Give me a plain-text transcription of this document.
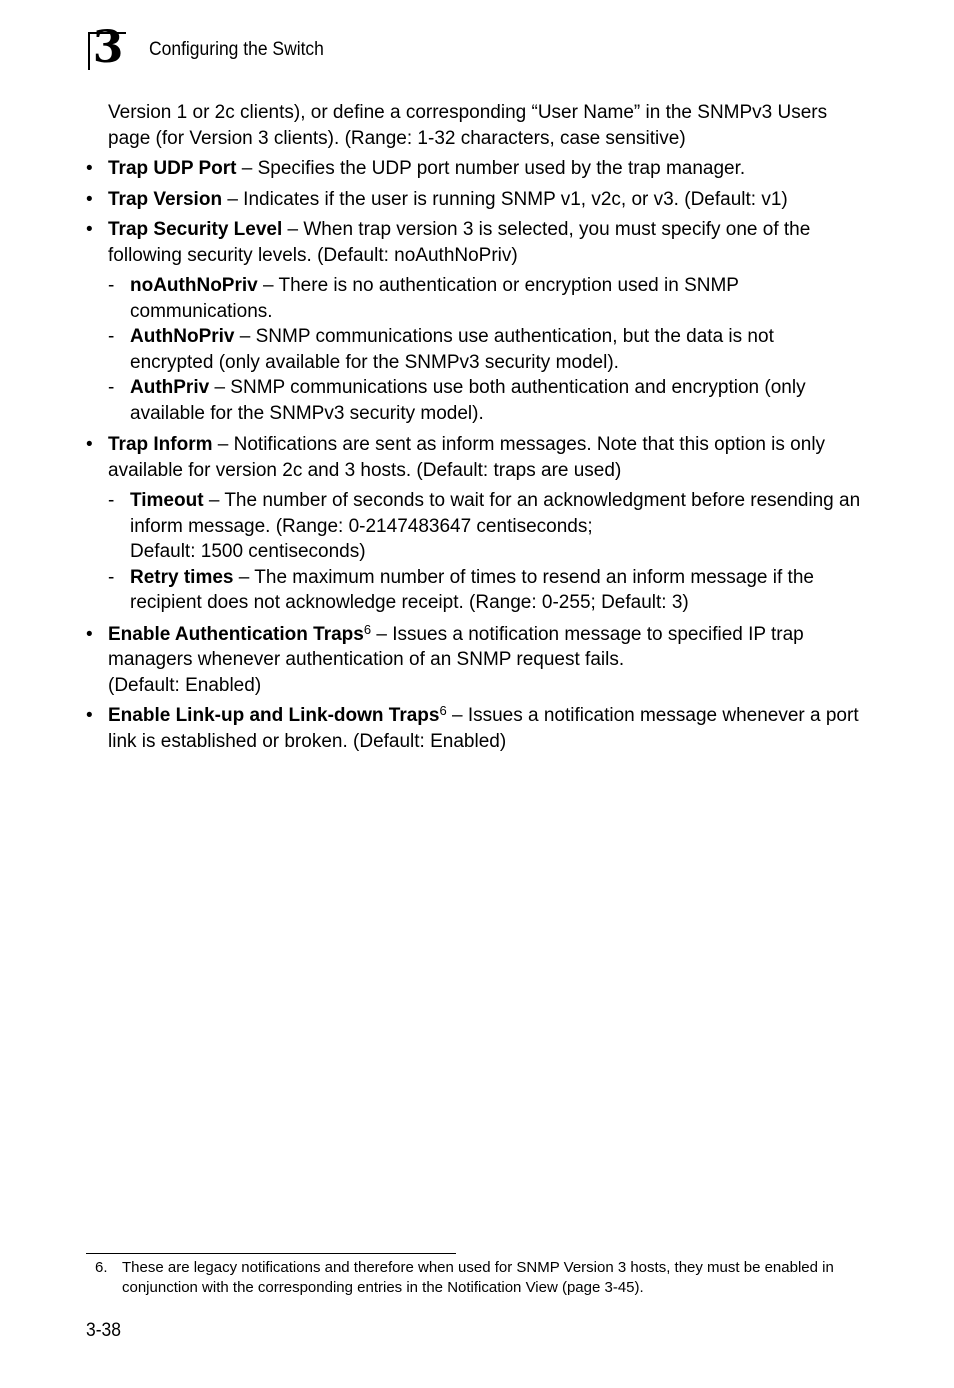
3 Configuring the Switch

Version 1 or 2c clients), or define a corresponding “User Name” in the SNMPv3 Users page (for Version 3 clients). (Range: 1-32 characters, case sensitive)

• Trap UDP Port – Specifies the UDP port number used by the trap manager.
• Trap Version – Indicates if the user is running SNMP v1, v2c, or v3. (Default: v1)
• Trap Security Level – When trap version 3 is selected, you must specify one of the following security levels. (Default: noAuthNoPriv)
- noAuthNoPriv – There is no authentication or encryption used in SNMP communications.
- AuthNoPriv – SNMP communications use authentication, but the data is not encrypted (only available for the SNMPv3 security model).
- AuthPriv – SNMP communications use both authentication and encryption (only available for the SNMPv3 security model).
• Trap Inform – Notifications are sent as inform messages. Note that this option is only available for version 2c and 3 hosts. (Default: traps are used)
- Timeout – The number of seconds to wait for an acknowledgment before resending an inform message. (Range: 0-2147483647 centiseconds;
Default: 1500 centiseconds)
- Retry times – The maximum number of times to resend an inform message if the recipient does not acknowledge receipt. (Range: 0-255; Default: 3)
• Enable Authentication Traps$^6$ – Issues a notification message to specified IP trap managers whenever authentication of an SNMP request fails.
(Default: Enabled)
• Enable Link-up and Link-down Traps$^6$ – Issues a notification message whenever a port link is established or broken. (Default: Enabled)
6. These are legacy notifications and therefore when used for SNMP Version 3 hosts, they must be enabled in conjunction with the corresponding entries in the Notification View (page 3-45).
3-38
